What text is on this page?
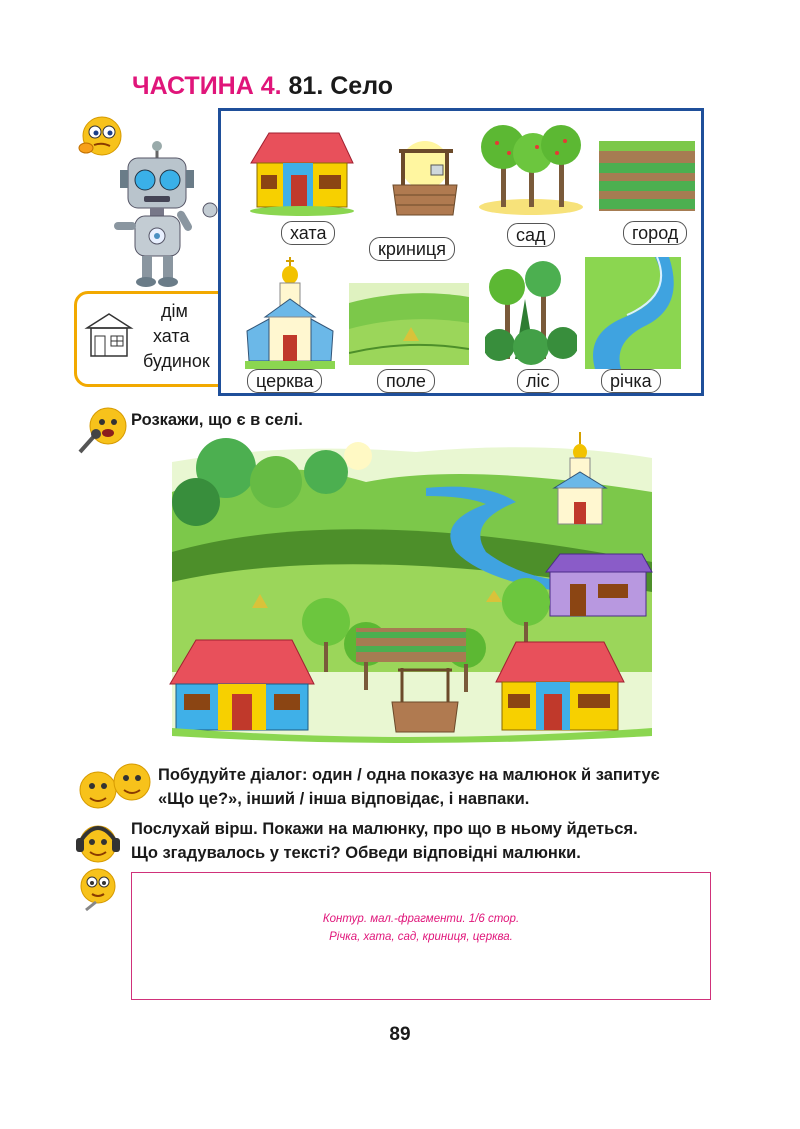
ЧАСТИНА 4. 81. Село
дім
хата
будинок
хата
криниця
сад	город
церква	поле	ліс	річка
Розкажи, що є в селі.
Побудуйте діалог: один / одна показує на малюнок й запитує
«Що це?», інший / інша відповідає, і навпаки.
Послухай вірш. Покажи на малюнку, про що в ньому йдеться.
Що згадувалось у тексті? Обведи відповідні малюнки.
Контур. мал.-фрагменти. 1/6 стор.
Річка, хата, сад, криниця, церква.
89
